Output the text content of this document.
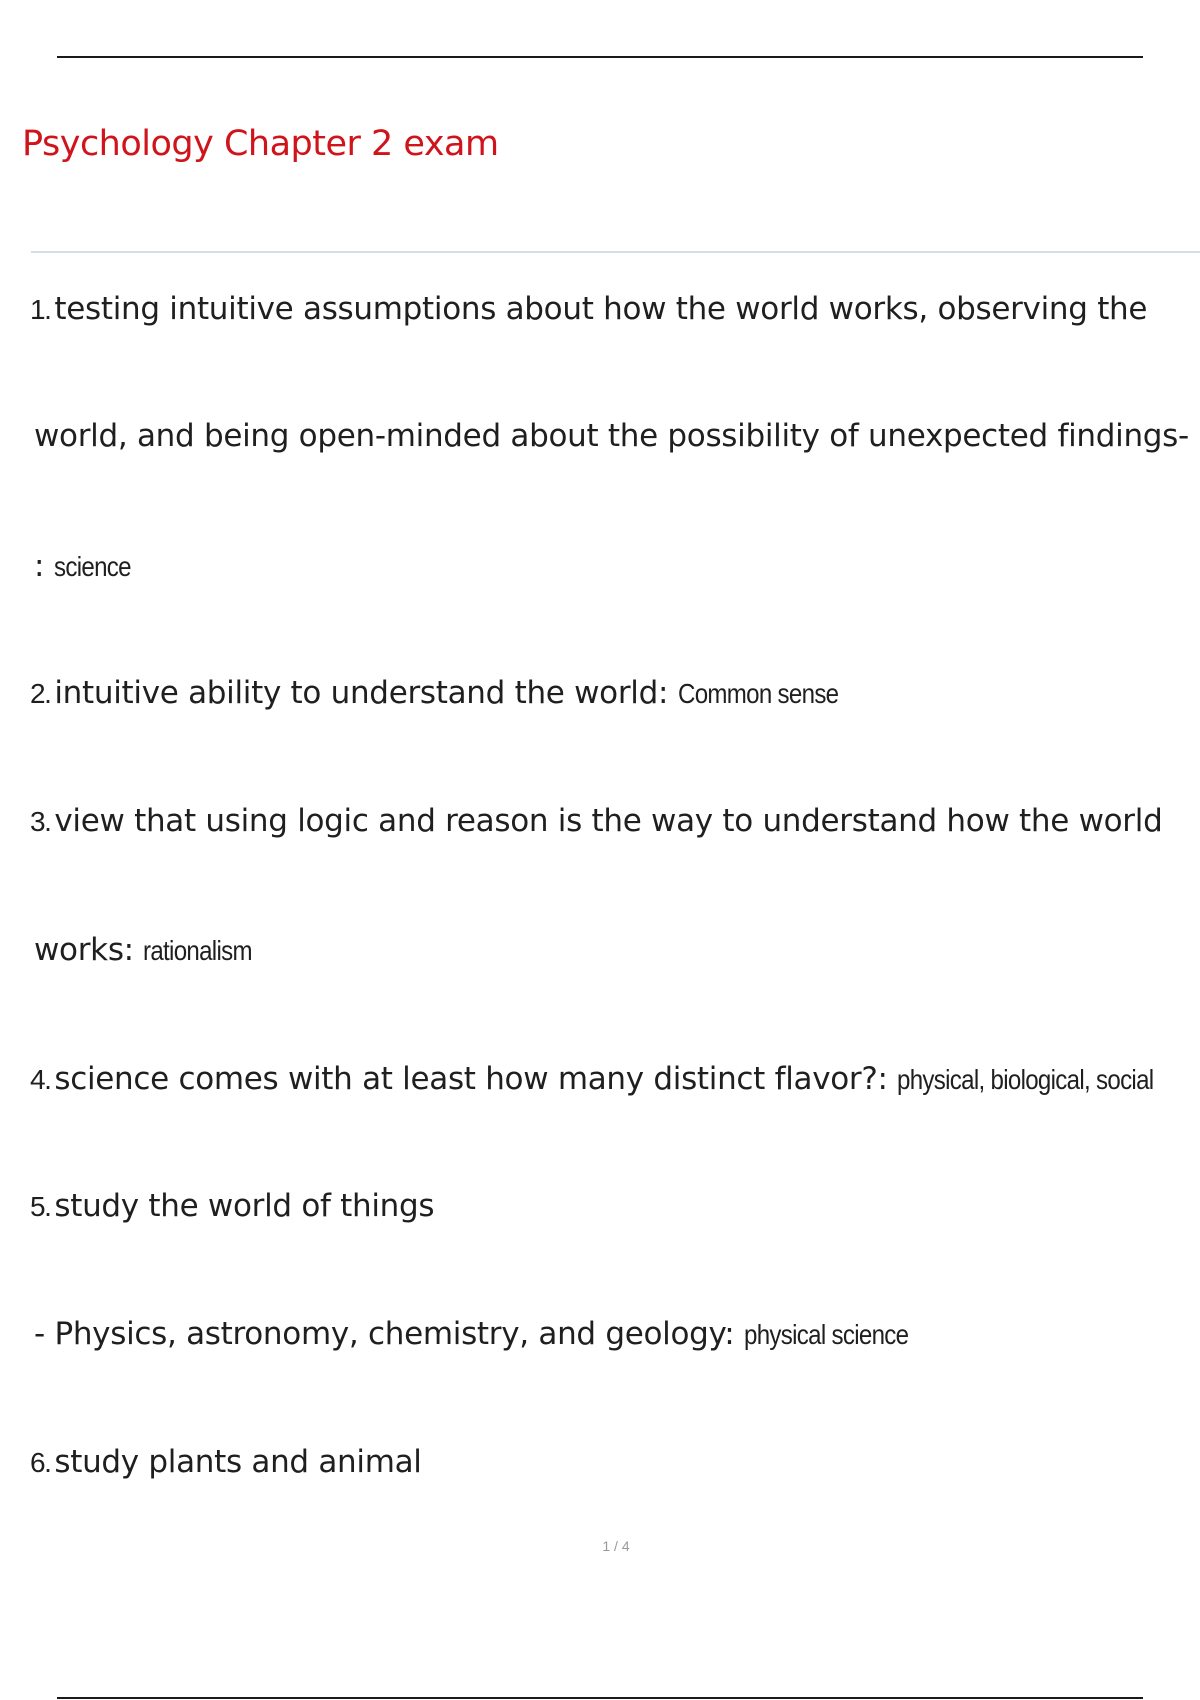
Psychology Chapter 2 exam

1. testing intuitive assumptions about how the world works, observing the

world, and being open-minded about the possibility of unexpected findings-

: science

2. intuitive ability to understand the world: Common sense

3. view that using logic and reason is the way to understand how the world

works: rationalism

4. science comes with at least how many distinct flavor?: physical, biological, social

5. study the world of things

- Physics, astronomy, chemistry, and geology: physical science

6. study plants and animal

1 / 4
